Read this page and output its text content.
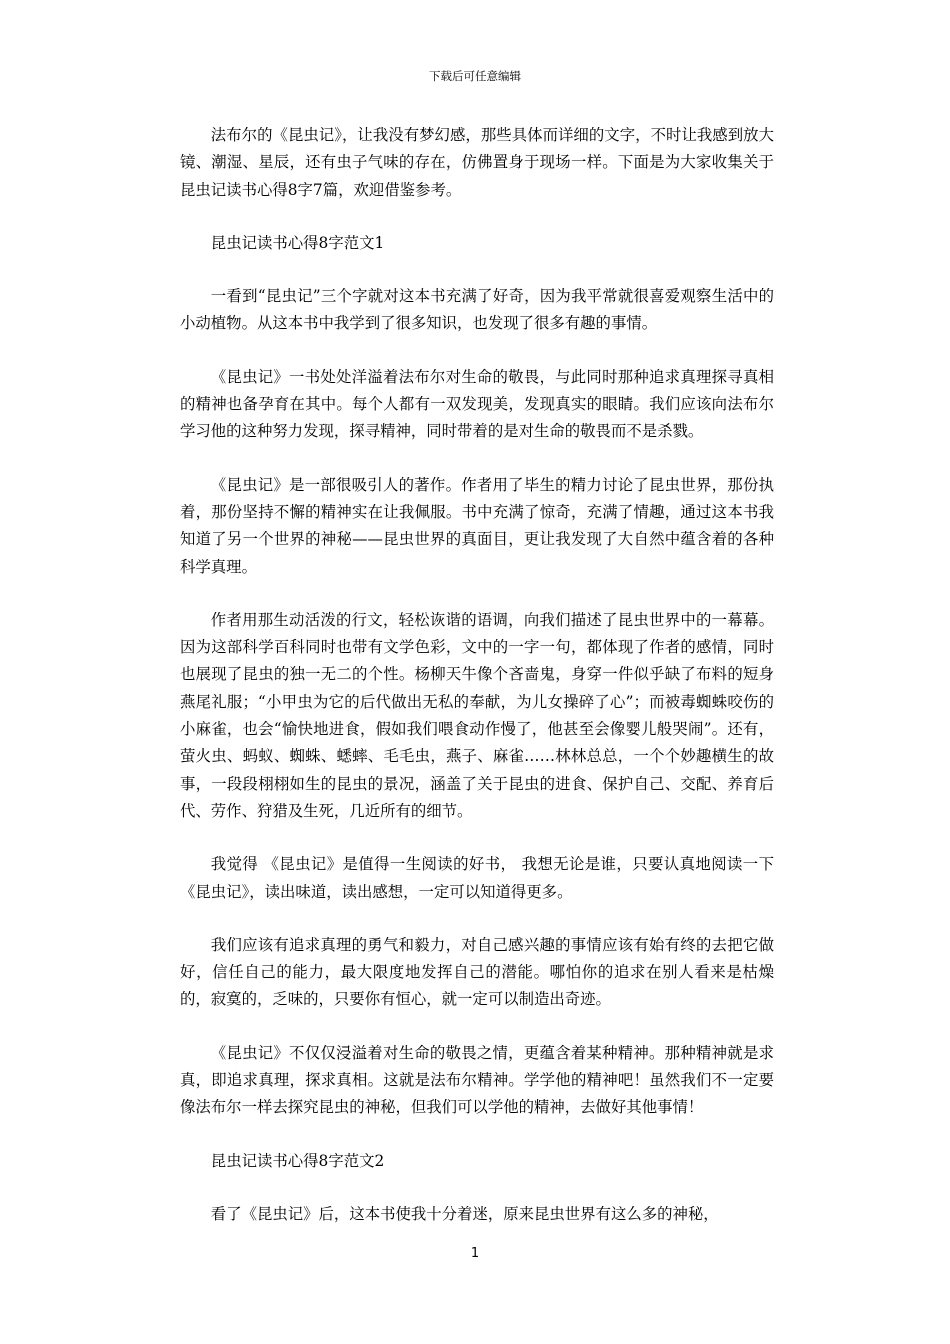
下载后可任意编辑

法布尔的《昆虫记》，让我没有梦幻感，那些具体而详细的文字，不时让我感到放大镜、潮湿、星辰，还有虫子气味的存在，仿佛置身于现场一样。下面是为大家收集关于昆虫记读书心得8字7篇，欢迎借鉴参考。

昆虫记读书心得8字范文1

一看到“昆虫记”三个字就对这本书充满了好奇，因为我平常就很喜爱观察生活中的小动植物。从这本书中我学到了很多知识，也发现了很多有趣的事情。

《昆虫记》一书处处洋溢着法布尔对生命的敬畏，与此同时那种追求真理探寻真相的精神也备孕育在其中。每个人都有一双发现美，发现真实的眼睛。我们应该向法布尔学习他的这种努力发现，探寻精神，同时带着的是对生命的敬畏而不是杀戮。

《昆虫记》是一部很吸引人的著作。作者用了毕生的精力讨论了昆虫世界，那份执着，那份坚持不懈的精神实在让我佩服。书中充满了惊奇，充满了情趣，通过这本书我知道了另一个世界的神秘——昆虫世界的真面目，更让我发现了大自然中蕴含着的各种科学真理。

作者用那生动活泼的行文，轻松诙谐的语调，向我们描述了昆虫世界中的一幕幕。因为这部科学百科同时也带有文学色彩，文中的一字一句，都体现了作者的感情，同时也展现了昆虫的独一无二的个性。杨柳天牛像个吝啬鬼，身穿一件似乎缺了布料的短身燕尾礼服；“小甲虫为它的后代做出无私的奉献，为儿女操碎了心”；而被毒蜘蛛咬伤的小麻雀，也会“愉快地进食，假如我们喂食动作慢了，他甚至会像婴儿般哭闹”。还有，萤火虫、蚂蚁、蜘蛛、蟋蟀、毛毛虫，燕子、麻雀……林林总总，一个个妙趣横生的故事，一段段栩栩如生的昆虫的景况，涵盖了关于昆虫的进食、保护自己、交配、养育后代、劳作、狩猎及生死，几近所有的细节。

我觉得 《昆虫记》是值得一生阅读的好书， 我想无论是谁，只要认真地阅读一下 《昆虫记》，读出味道，读出感想，一定可以知道得更多。

我们应该有追求真理的勇气和毅力，对自己感兴趣的事情应该有始有终的去把它做好，信任自己的能力，最大限度地发挥自己的潜能。哪怕你的追求在别人看来是枯燥的，寂寞的，乏味的，只要你有恒心，就一定可以制造出奇迹。

《昆虫记》不仅仅浸溢着对生命的敬畏之情，更蕴含着某种精神。那种精神就是求真，即追求真理，探求真相。这就是法布尔精神。学学他的精神吧！虽然我们不一定要像法布尔一样去探究昆虫的神秘，但我们可以学他的精神，去做好其他事情！

昆虫记读书心得8字范文2

看了《昆虫记》后，这本书使我十分着迷，原来昆虫世界有这么多的神秘，

1
